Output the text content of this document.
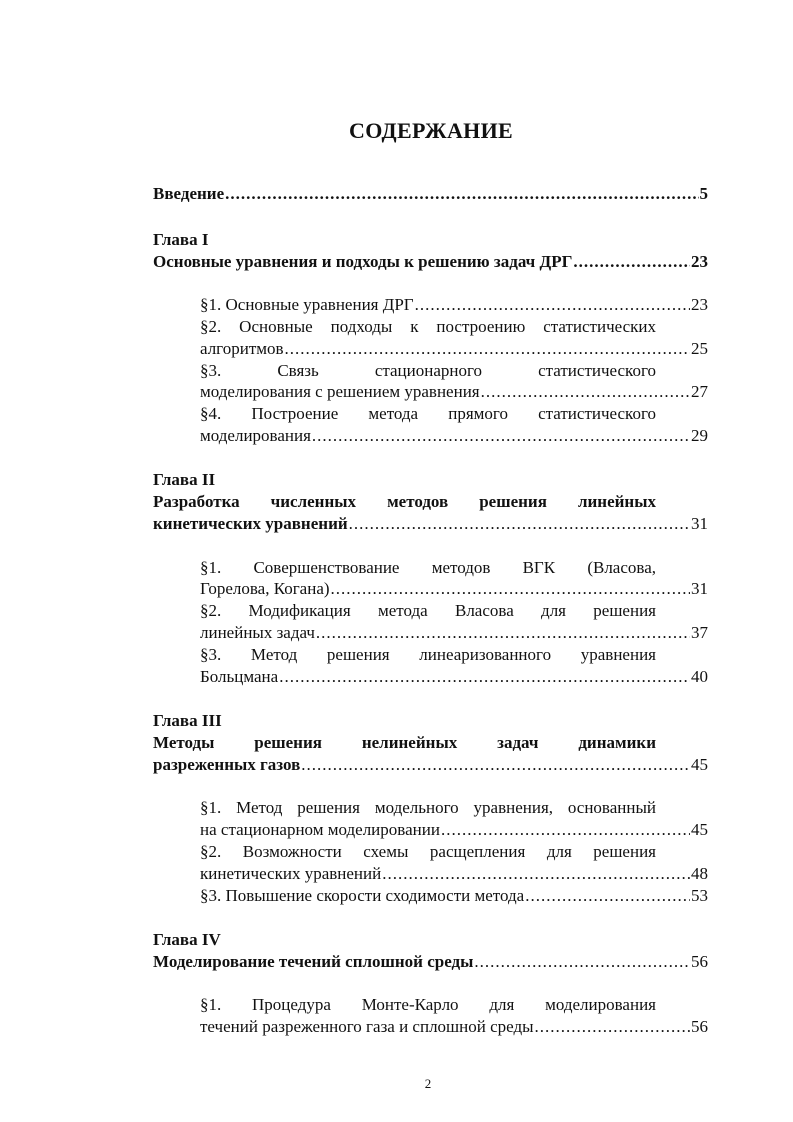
СОДЕРЖАНИЕ
Введение .....	5
Глава I
Основные уравнения и подходы к решению задач ДРГ .....	23
§1. Основные уравнения ДРГ .....	23
§2. Основные подходы к построению статистических
алгоритмов .....	25
§3. Связь стационарного статистического
моделирования с решением уравнения .....	27
§4. Построение метода прямого статистического
моделирования .....	29
Глава II
Разработка численных методов решения линейных
кинетических уравнений .....	31
§1. Совершенствование методов ВГК (Власова,
Горелова, Когана) .....	31
§2. Модификация метода Власова для решения
линейных задач .....	37
§3. Метод решения линеаризованного уравнения
Больцмана .....	40
Глава III
Методы решения нелинейных задач динамики
разреженных газов .....	45
§1. Метод решения модельного уравнения, основанный
на стационарном моделировании .....	45
§2. Возможности схемы расщепления для решения
кинетических уравнений .....	48
§3. Повышение скорости сходимости метода .....	53
Глава IV
Моделирование течений сплошной среды .....	56
§1. Процедура Монте-Карло для моделирования
течений разреженного газа и сплошной среды .....	56
2
